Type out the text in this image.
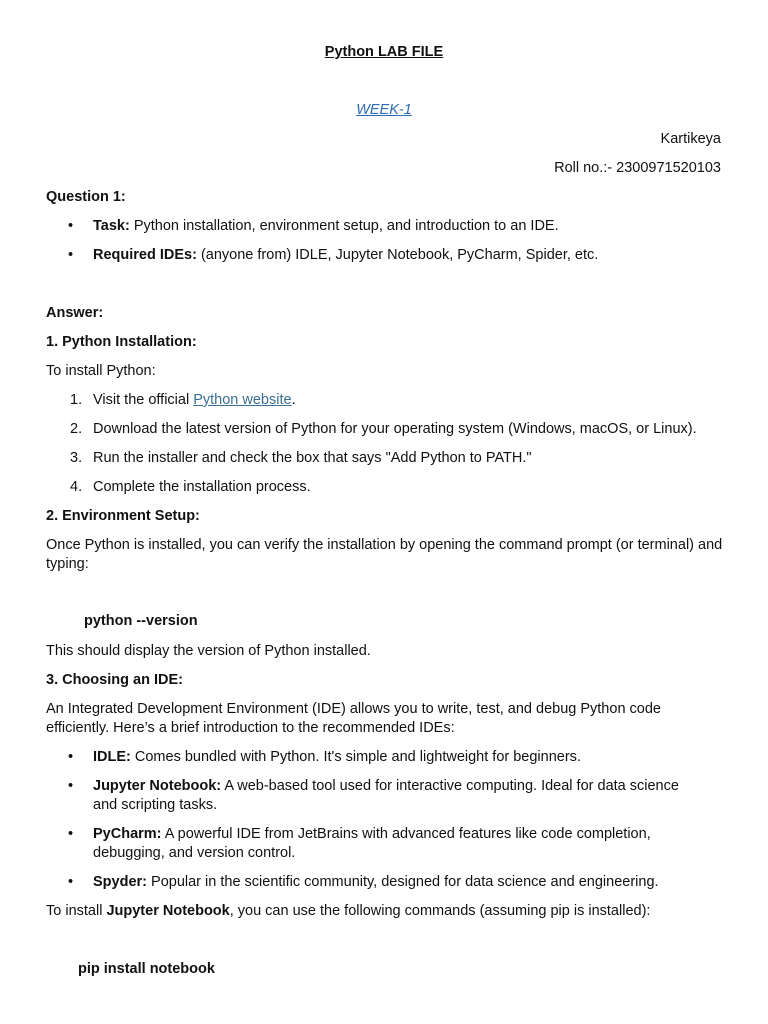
Python LAB FILE
WEEK-1
Kartikeya
Roll no.:- 2300971520103
Question 1:
• Task: Python installation, environment setup, and introduction to an IDE.
• Required IDEs: (anyone from) IDLE, Jupyter Notebook, PyCharm, Spider, etc.
Answer:
1. Python Installation:
To install Python:
1. Visit the official Python website.
2. Download the latest version of Python for your operating system (Windows, macOS, or Linux).
3. Run the installer and check the box that says "Add Python to PATH."
4. Complete the installation process.
2. Environment Setup:
Once Python is installed, you can verify the installation by opening the command prompt (or terminal) and typing:
python --version
This should display the version of Python installed.
3. Choosing an IDE:
An Integrated Development Environment (IDE) allows you to write, test, and debug Python code efficiently. Here’s a brief introduction to the recommended IDEs:
• IDLE: Comes bundled with Python. It's simple and lightweight for beginners.
• Jupyter Notebook: A web-based tool used for interactive computing. Ideal for data science and scripting tasks.
• PyCharm: A powerful IDE from JetBrains with advanced features like code completion, debugging, and version control.
• Spyder: Popular in the scientific community, designed for data science and engineering.
To install Jupyter Notebook, you can use the following commands (assuming pip is installed):
pip install notebook
